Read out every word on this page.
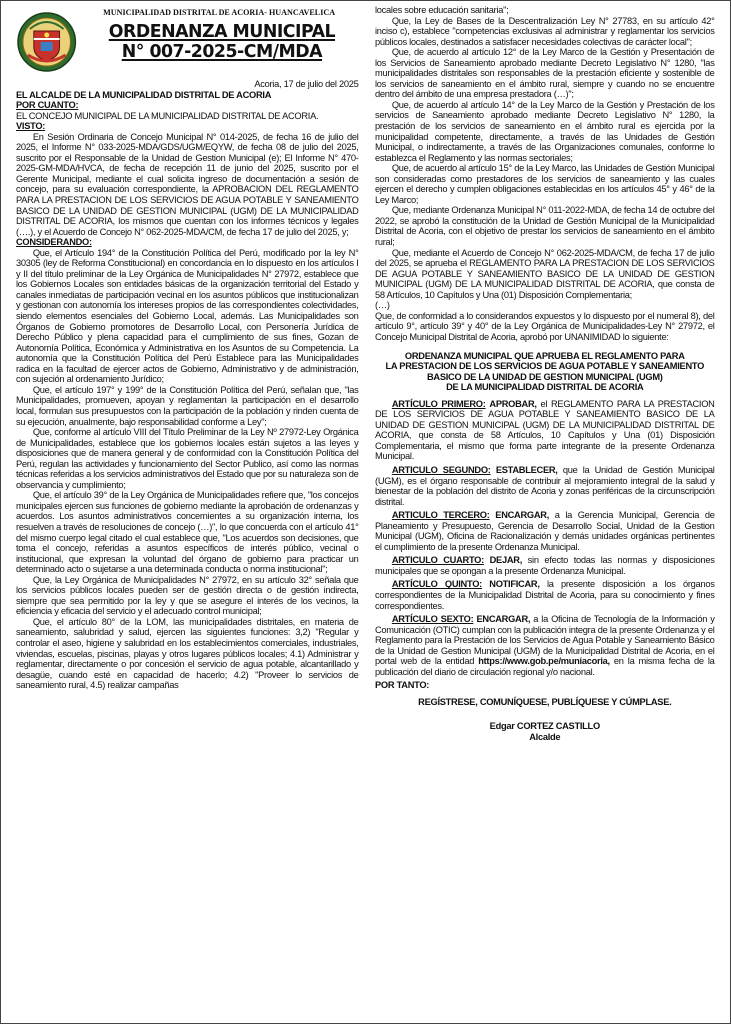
MUNICIPALIDAD DISTRITAL DE ACORIA- HUANCAVELICA
ORDENANZA MUNICIPAL
N° 007-2025-CM/MDA

Acoria, 17 de julio del 2025

EL ALCALDE DE LA MUNICIPALIDAD DISTRITAL DE ACORIA

POR CUANTO:

EL CONCEJO MUNICIPAL DE LA MUNICIPALIDAD DISTRITAL DE ACORIA.

VISTO:

En Sesión Ordinaria de Concejo Municipal N° 014-2025, de fecha 16 de julio del 2025, el Informe N° 033-2025-MDA/GDS/UGM/EQYW, de fecha 08 de julio del 2025, suscrito por el Responsable de la Unidad de Gestion Municipal (e); El Informe N° 470-2025-GM-MDA/HVCA, de fecha de recepción 11 de junio del 2025, suscrito por el Gerente Municipal, mediante el cual solicita ingreso de documentación a sesión de concejo, para su evaluación correspondiente, la APROBACION DEL REGLAMENTO PARA LA PRESTACION DE LOS SERVICIOS DE AGUA POTABLE Y SANEAMIENTO BASICO DE LA UNIDAD DE GESTION MUNICIPAL (UGM) DE LA MUNICIPALIDAD DISTRITAL DE ACORIA, los mismos que cuentan con los informes técnicos y legales (….), y el Acuerdo de Concejo N° 062-2025-MDA/CM, de fecha 17 de julio del 2025, y;

CONSIDERANDO:

Que, el Artículo 194° de la Constitución Política del Perú, modificado por la ley N° 30305 (ley de Reforma Constitucional) en concordancia en lo dispuesto en los artículos I y II del título preliminar de la Ley Orgánica de Municipalidades N° 27972, establece que los Gobiernos Locales son entidades básicas de la organización territorial del Estado y canales inmediatas de participación vecinal en los asuntos públicos que institucionalizan y gestionan con autonomía los intereses propios de las correspondientes colectividades, siendo elementos esenciales del Gobierno Local, además. Las Municipalidades son Órganos de Gobierno promotores de Desarrollo Local, con Personería Jurídica de Derecho Público y plena capacidad para el cumplimiento de sus fines, Gozan de Autonomía Política, Económica y Administrativa en los Asuntos de su Competencia. La autonomía que la Constitución Política del Perú Establece para las Municipalidades radica en la facultad de ejercer actos de Gobierno, Administrativo y de administración, con sujeción al ordenamiento Jurídico;

Que, el artículo 197° y 199° de la Constitución Política del Perú, señalan que, "las Municipalidades, promueven, apoyan y reglamentan la participación en el desarrollo local, formulan sus presupuestos con la participación de la población y rinden cuenta de su ejecución, anualmente, bajo responsabilidad conforme a Ley";

Que, conforme al artículo VIII del Título Preliminar de la Ley Nº 27972-Ley Orgánica de Municipalidades, establece que los gobiernos locales están sujetos a las leyes y disposiciones que de manera general y de conformidad con la Constitución Política del Perú, regulan las actividades y funcionamiento del Sector Publico, así como las normas técnicas referidas a los servicios administrativos del Estado que por su naturaleza son de observancia y cumplimiento;

Que, el artículo 39° de la Ley Orgánica de Municipalidades refiere que, "los concejos municipales ejercen sus funciones de gobierno mediante la aprobación de ordenanzas y acuerdos. Los asuntos administrativos concernientes a su organización interna, los resuelven a través de resoluciones de concejo (…)", lo que concuerda con el artículo 41° del mismo cuerpo legal citado el cual establece que, "Los acuerdos son decisiones, que toma el concejo, referidas a asuntos específicos de interés público, vecinal o institucional, que expresan la voluntad del órgano de gobierno para practicar un determinado acto o sujetarse a una determinada conducta o norma institucional";

Que, la Ley Orgánica de Municipalidades N° 27972, en su artículo 32° señala que los servicios públicos locales pueden ser de gestión directa o de gestión indirecta, siempre que sea permitido por la ley y que se asegure el interés de los vecinos, la eficiencia y eficacia del servicio y el adecuado control municipal;

Que, el artículo 80° de la LOM, las municipalidades distritales, en materia de saneamiento, salubridad y salud, ejercen las siguientes funciones: 3,2) "Regular y controlar el aseo, higiene y salubridad en los establecimientos comerciales, industriales, viviendas, escuelas, piscinas, playas y otros lugares públicos locales; 4.1) Administrar y reglamentar, directamente o por concesión el servicio de agua potable, alcantarillado y desagüe, cuando esté en capacidad de hacerlo; 4.2) "Proveer lo servicios de saneamiento rural, 4.5) realizar campañas

locales sobre educación sanitaria";

Que, la Ley de Bases de la Descentralización Ley N° 27783, en su artículo 42° inciso c), establece "competencias exclusivas al administrar y reglamentar los servicios públicos locales, destinados a satisfacer necesidades colectivas de carácter local";

Que, de acuerdo al artículo 12° de la Ley Marco de la Gestión y Presentación de los Servicios de Saneamiento aprobado mediante Decreto Legislativo N° 1280, "las municipalidades distritales son responsables de la prestación eficiente y sostenible de los servicios de saneamiento en el ámbito rural, siempre y cuando no se encuentre dentro del ámbito de una empresa prestadora (…)";

Que, de acuerdo al artículo 14° de la Ley Marco de la Gestión y Prestación de los servicios de Saneamiento aprobado mediante Decreto Legislativo N° 1280, la prestación de los servicios de saneamiento en el ámbito rural es ejercida por la municipalidad competente, directamente, a través de las Unidades de Gestión Municipal, o indirectamente, a través de las Organizaciones comunales, conforme lo establezca el Reglamento y las normas sectoriales;

Que, de acuerdo al artículo 15° de la Ley Marco, las Unidades de Gestión Municipal son consideradas como prestadores de los servicios de saneamiento y las cuales ejercen el derecho y cumplen obligaciones establecidas en los artículos 45° y 46° de la Ley Marco;

Que, mediante Ordenanza Municipal N° 011-2022-MDA, de fecha 14 de octubre del 2022, se aprobó la constitución de la Unidad de Gestión Municipal de la Municipalidad Distrital de Acoria, con el objetivo de prestar los servicios de saneamiento en el ámbito rural;

Que, mediante el Acuerdo de Concejo N° 062-2025-MDA/CM, de fecha 17 de julio del 2025, se aprueba el REGLAMENTO PARA LA PRESTACION DE LOS SERVICIOS DE AGUA POTABLE Y SANEAMIENTO BASICO DE LA UNIDAD DE GESTION MUNICIPAL (UGM) DE LA MUNICIPALIDAD DISTRITAL DE ACORIA, que consta de 58 Artículos, 10 Capítulos y Una (01) Disposición Complementaria;

(…)

Que, de conformidad a lo considerandos expuestos y lo dispuesto por el numeral 8), del artículo 9°, artículo 39° y 40° de la Ley Orgánica de Municipalidades-Ley N° 27972, el Concejo Municipal Distrital de Acoria, aprobó por UNANIMIDAD lo siguiente:

ORDENANZA MUNICIPAL QUE APRUEBA EL REGLAMENTO PARA

LA PRESTACION DE LOS SERVICIOS DE AGUA POTABLE Y SANEAMIENTO

BASICO DE LA UNIDAD DE GESTION MUNICIPAL (UGM)

DE LA MUNICIPALIDAD DISTRITAL DE ACORIA

ARTÍCULO PRIMERO: APROBAR, el REGLAMENTO PARA LA PRESTACION DE LOS SERVICIOS DE AGUA POTABLE Y SANEAMIENTO BASICO DE LA UNIDAD DE GESTION MUNICIPAL (UGM) DE LA MUNICIPALIDAD DISTRITAL DE ACORIA, que consta de 58 Artículos, 10 Capítulos y Una (01) Disposición Complementaria, el mismo que forma parte integrante de la presente Ordenanza Municipal.

ARTICULO SEGUNDO: ESTABLECER, que la Unidad de Gestión Municipal (UGM), es el órgano responsable de contribuir al mejoramiento integral de la salud y bienestar de la población del distrito de Acoria y zonas periféricas de la circunscripción distrital.

ARTICULO TERCERO: ENCARGAR, a la Gerencia Municipal, Gerencia de Planeamiento y Presupuesto, Gerencia de Desarrollo Social, Unidad de la Gestion Municipal (UGM), Oficina de Racionalización y demás unidades orgánicas pertinentes el cumplimiento de la presente Ordenanza Municipal.

ARTICULO CUARTO: DEJAR, sin efecto todas las normas y disposiciones municipales que se opongan a la presente Ordenanza Municipal.

ARTÍCULO QUINTO: NOTIFICAR, la presente disposición a los órganos correspondientes de la Municipalidad Distrital de Acoria, para su conocimiento y fines correspondientes.

ARTÍCULO SEXTO: ENCARGAR, a la Oficina de Tecnología de la Información y Comunicación (OTIC) cumplan con la publicación integra de la presente Ordenanza y el Reglamento para la Prestación de los Servicios de Agua Potable y Saneamiento Básico de la Unidad de Gestion Municipal (UGM) de la Municipalidad Distrital de Acoria, en el portal web de la entidad https://www.gob.pe/muniacoria, en la misma fecha de la publicación del diario de circulación regional y/o nacional.

POR TANTO:

REGÍSTRESE, COMUNÍQUESE, PUBLÍQUESE Y CÚMPLASE.

Edgar CORTEZ CASTILLO

Alcalde
